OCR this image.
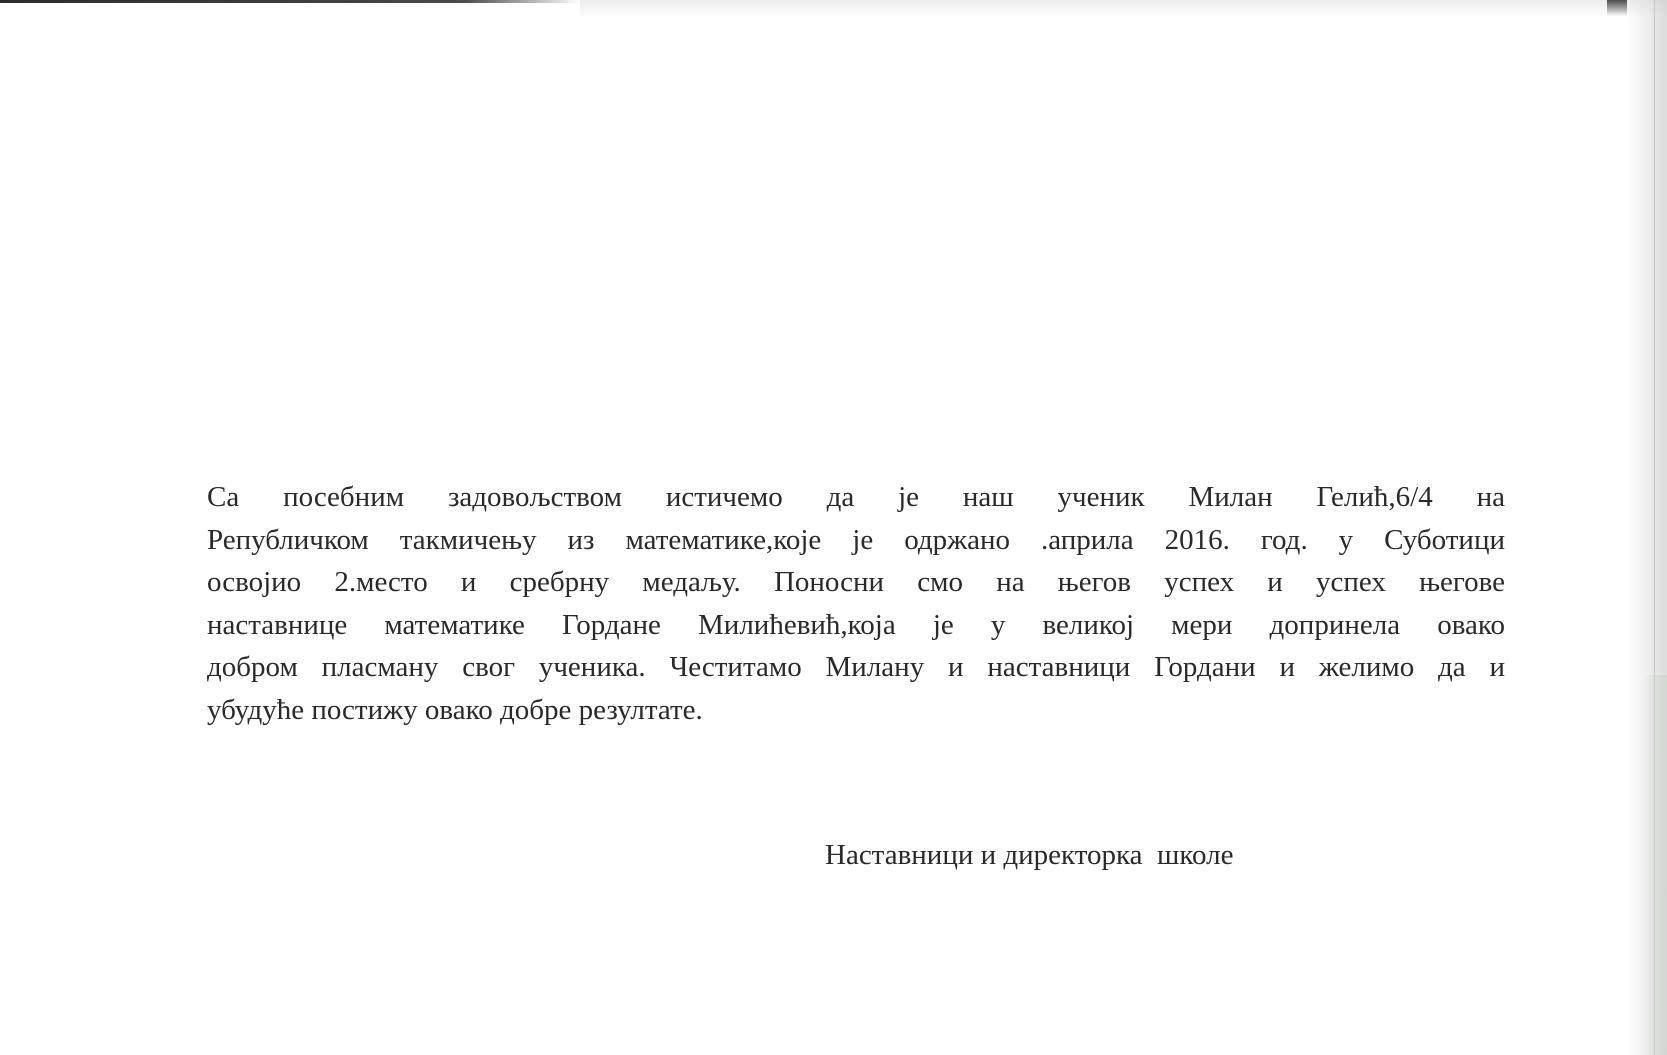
Са посебним задовољством истичемо да је наш ученик Милан Гелић,6/4 на
Републичком такмичењу из математике,које је одржано .априла 2016. год. у Суботици
освојио 2.место и сребрну медаљу. Поносни смо на његов успех и успех његове
наставнице математике Гордане Милићевић,која је у великој мери допринела овако
добром пласману свог ученика. Честитамо Милану и наставници Гордани и желимо да и
убудуће постижу овако добре резултате.
Наставници и директорка  школе
